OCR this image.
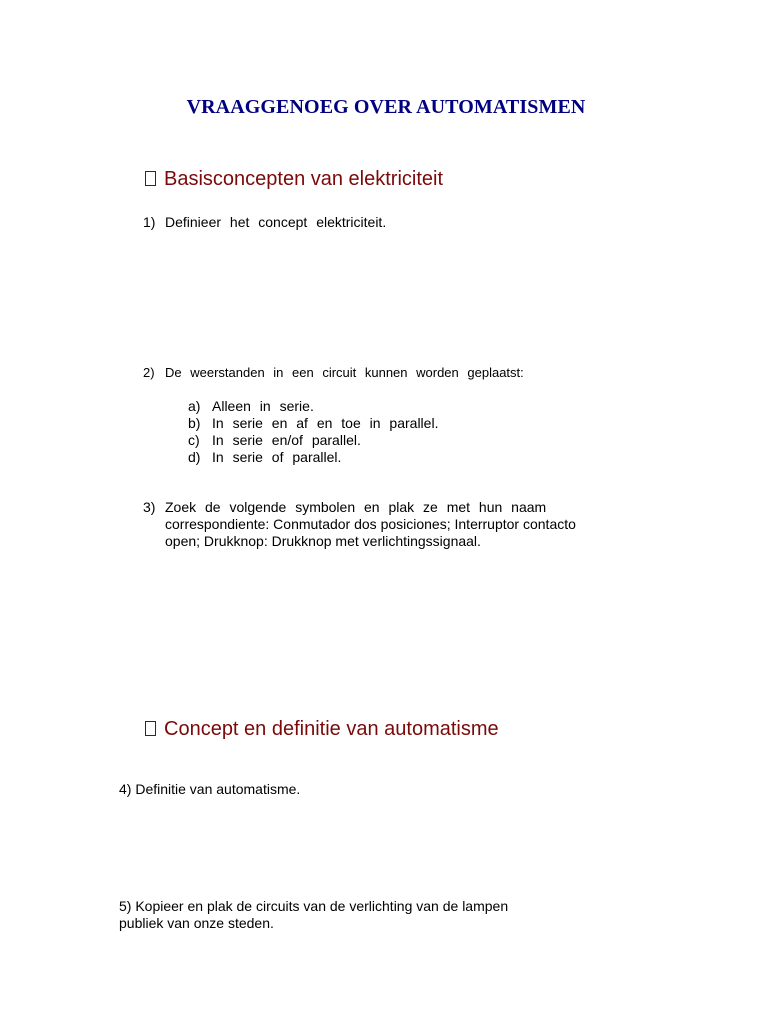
VRAAGGENOEG OVER AUTOMATISMEN
Basisconcepten van elektriciteit
1) Definieer het concept elektriciteit.
2) De weerstanden in een circuit kunnen worden geplaatst:
a) Alleen in serie.
b) In serie en af en toe in parallel.
c) In serie en/of parallel.
d) In serie of parallel.
3) Zoek de volgende symbolen en plak ze met hun naam
correspondiente: Conmutador dos posiciones; Interruptor contacto
open; Drukknop: Drukknop met verlichtingssignaal.
Concept en definitie van automatisme
4) Definitie van automatisme.
5) Kopieer en plak de circuits van de verlichting van de lampen
publiek van onze steden.
